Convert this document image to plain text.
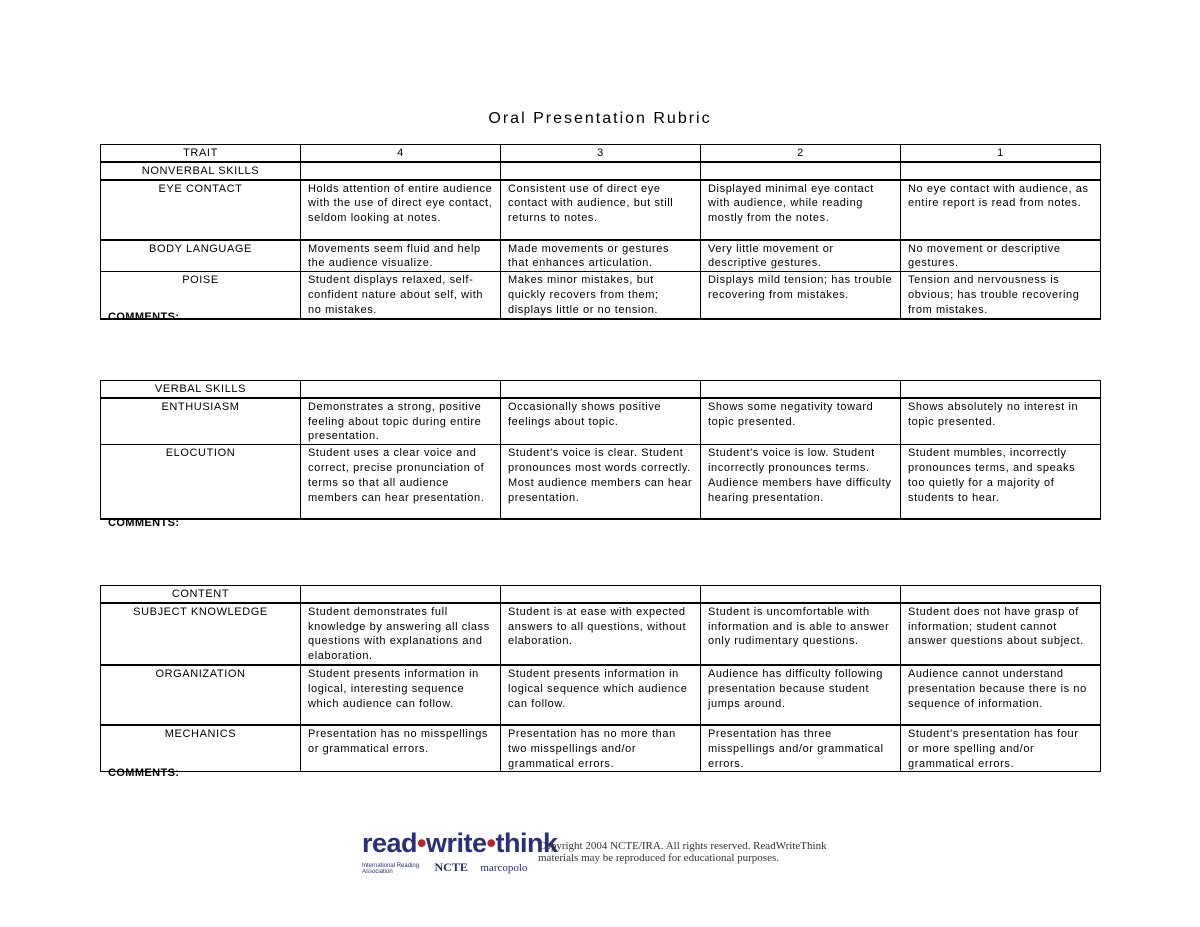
Oral Presentation Rubric
TRAIT	4	3	2	1
NONVERBAL SKILLS				
EYE CONTACT	Holds attention of entire audience with the use of direct eye contact, seldom looking at notes.	Consistent use of direct eye contact with audience, but still returns to notes.	Displayed minimal eye contact with audience, while reading mostly from the notes.	No eye contact with audience, as entire report is read from notes.
BODY LANGUAGE	Movements seem fluid and help the audience visualize.	Made movements or gestures that enhances articulation.	Very little movement or descriptive gestures.	No movement or descriptive gestures.
POISE	Student displays relaxed, self-confident nature about self, with no mistakes.	Makes minor mistakes, but quickly recovers from them; displays little or no tension.	Displays mild tension; has trouble recovering from mistakes.	Tension and nervousness is obvious; has trouble recovering from mistakes.
COMMENTS:
VERBAL SKILLS				
ENTHUSIASM	Demonstrates a strong, positive feeling about topic during entire presentation.	Occasionally shows positive feelings about topic.	Shows some negativity toward topic presented.	Shows absolutely no interest in topic presented.
ELOCUTION	Student uses a clear voice and correct, precise pronunciation of terms so that all audience members can hear presentation.	Student's voice is clear. Student pronounces most words correctly. Most audience members can hear presentation.	Student's voice is low. Student incorrectly pronounces terms. Audience members have difficulty hearing presentation.	Student mumbles, incorrectly pronounces terms, and speaks too quietly for a majority of students to hear.
COMMENTS:
CONTENT				
SUBJECT KNOWLEDGE	Student demonstrates full knowledge by answering all class questions with explanations and elaboration.	Student is at ease with expected answers to all questions, without elaboration.	Student is uncomfortable with information and is able to answer only rudimentary questions.	Student does not have grasp of information; student cannot answer questions about subject.
ORGANIZATION	Student presents information in logical, interesting sequence which audience can follow.	Student presents information in logical sequence which audience can follow.	Audience has difficulty following presentation because student jumps around.	Audience cannot understand presentation because there is no sequence of information.
MECHANICS	Presentation has no misspellings or grammatical errors.	Presentation has no more than two misspellings and/or grammatical errors.	Presentation has three misspellings and/or grammatical errors.	Student's presentation has four or more spelling and/or grammatical errors.
COMMENTS:
read•write•think
International Reading Association	NCTE marcopolo
Copyright 2004 NCTE/IRA. All rights reserved. ReadWriteThink materials may be reproduced for educational purposes.
